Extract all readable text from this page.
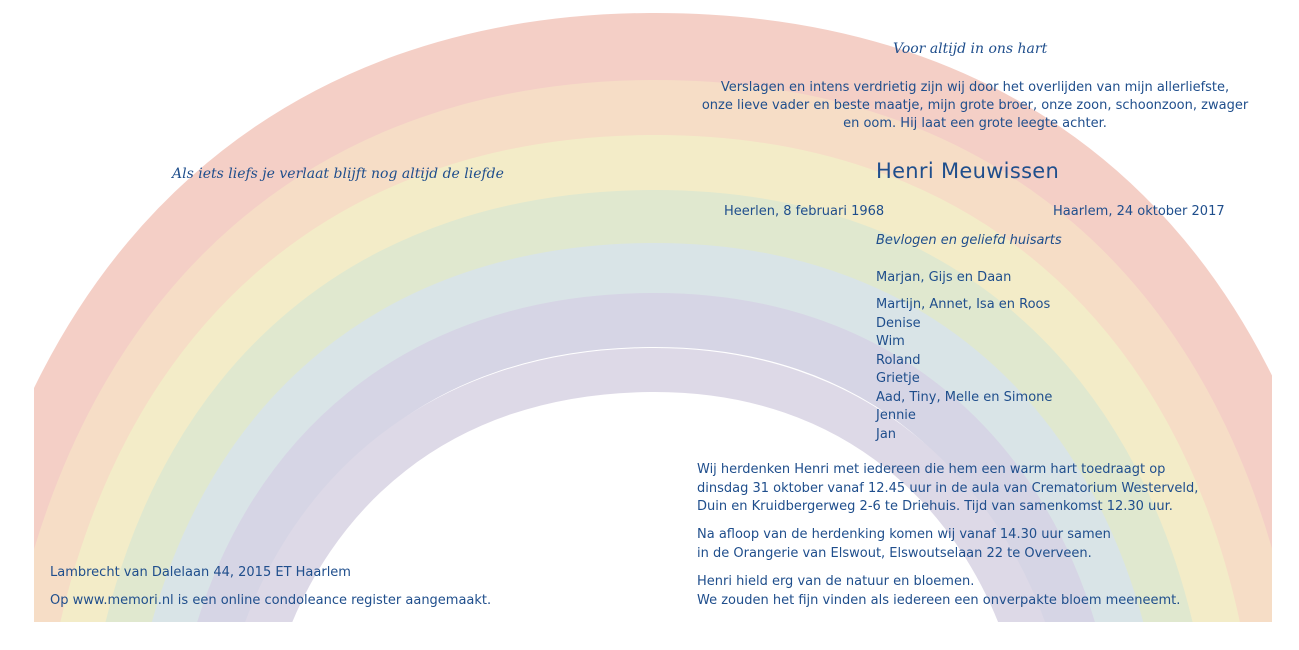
Voor altijd in ons hart
Verslagen en intens verdrietig zijn wij door het overlijden van mijn allerliefste,
onze lieve vader en beste maatje, mijn grote broer, onze zoon, schoonzoon, zwager
en oom. Hij laat een grote leegte achter.
Als iets liefs je verlaat blijft nog altijd de liefde	Henri Meuwissen
Heerlen, 8 februari 1968	Haarlem, 24 oktober 2017
Bevlogen en geliefd huisarts
Marjan, Gijs en Daan
Martijn, Annet, Isa en Roos
Denise
Wim
Roland
Grietje
Aad, Tiny, Melle en Simone
Jennie
Jan
Wij herdenken Henri met iedereen die hem een warm hart toedraagt op
dinsdag 31 oktober vanaf 12.45 uur in de aula van Crematorium Westerveld,
Duin en Kruidbergerweg 2-6 te Driehuis. Tijd van samenkomst 12.30 uur.
Na afloop van de herdenking komen wij vanaf 14.30 uur samen
in de Orangerie van Elswout, Elswoutselaan 22 te Overveen.
Henri hield erg van de natuur en bloemen.
We zouden het fijn vinden als iedereen een onverpakte bloem meeneemt.
Lambrecht van Dalelaan 44, 2015 ET Haarlem
Op www.memori.nl is een online condoleance register aangemaakt.
